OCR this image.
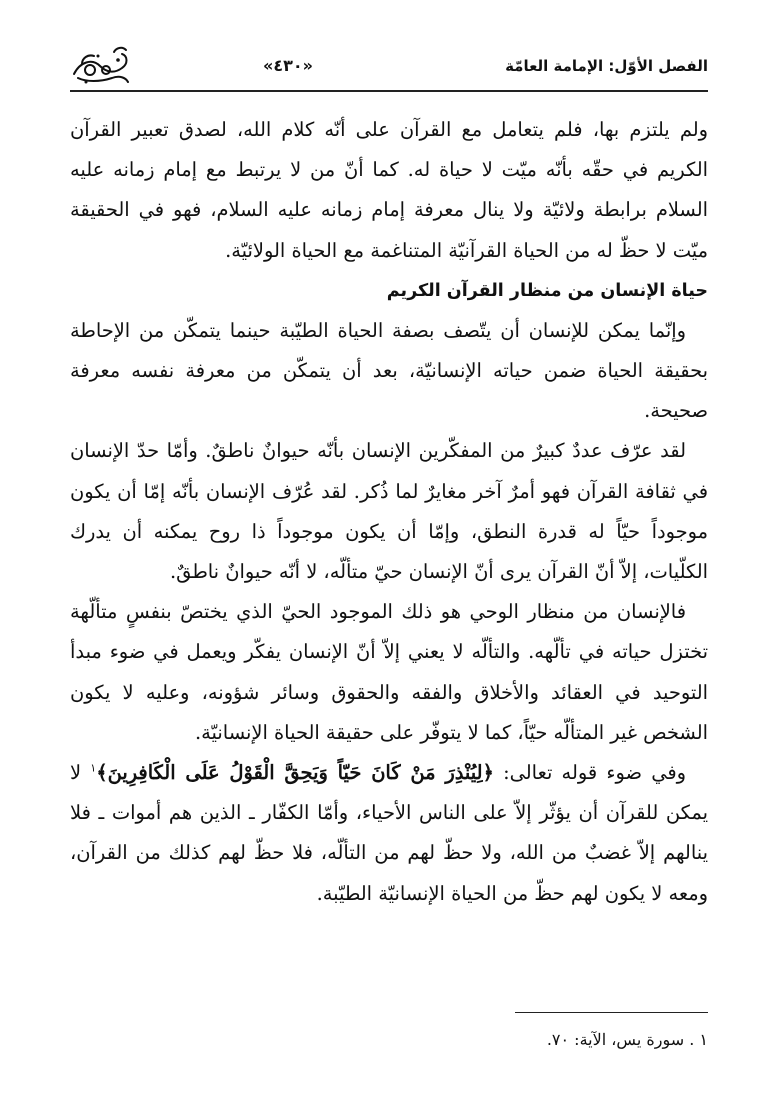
الفصل الأوّل: الإمامة العامّة
«٤٣٠»

ولم يلتزم بها، فلم يتعامل مع القرآن على أنّه كلام الله، لصدق تعبير القرآن الكريم في حقّه بأنّه ميّت لا حياة له. كما أنّ من لا يرتبط مع إمام زمانه عليه السلام برابطة ولائيّة ولا ينال معرفة إمام زمانه عليه السلام، فهو في الحقيقة ميّت لا حظّ له من الحياة القرآنيّة المتناغمة مع الحياة الولائيّة.

حياة الإنسان من منظار القرآن الكريم

وإنّما يمكن للإنسان أن يتّصف بصفة الحياة الطيّبة حينما يتمكّن من الإحاطة بحقيقة الحياة ضمن حياته الإنسانيّة، بعد أن يتمكّن من معرفة نفسه معرفة صحيحة.

لقد عرّف عددٌ كبيرٌ من المفكّرين الإنسان بأنّه حيوانٌ ناطقٌ. وأمّا حدّ الإنسان في ثقافة القرآن فهو أمرٌ آخر مغايرٌ لما ذُكر. لقد عُرّف الإنسان بأنّه إمّا أن يكون موجوداً حيّاً له قدرة النطق، وإمّا أن يكون موجوداً ذا روح يمكنه أن يدرك الكلّيات، إلاّ أنّ القرآن يرى أنّ الإنسان حيّ متألّه، لا أنّه حيوانٌ ناطقٌ.

فالإنسان من منظار الوحي هو ذلك الموجود الحيّ الذي يختصّ بنفسٍ متألّهة تختزل حياته في تألّهه. والتألّه لا يعني إلاّ أنّ الإنسان يفكّر ويعمل في ضوء مبدأ التوحيد في العقائد والأخلاق والفقه والحقوق وسائر شؤونه، وعليه لا يكون الشخص غير المتألّه حيّاً، كما لا يتوفّر على حقيقة الحياة الإنسانيّة.

وفي ضوء قوله تعالى: ﴿لِيُنْذِرَ مَنْ كَانَ حَيّاً وَيَحِقَّ الْقَوْلُ عَلَى الْكَافِرِينَ﴾$^١$ لا يمكن للقرآن أن يؤثّر إلاّ على الناس الأحياء، وأمّا الكفّار ـ الذين هم أموات ـ فلا ينالهم إلاّ غضبٌ من الله، ولا حظّ لهم من التألّه، فلا حظّ لهم كذلك من القرآن، ومعه لا يكون لهم حظّ من الحياة الإنسانيّة الطيّبة.

١ . سورة يس، الآية: ٧٠.
